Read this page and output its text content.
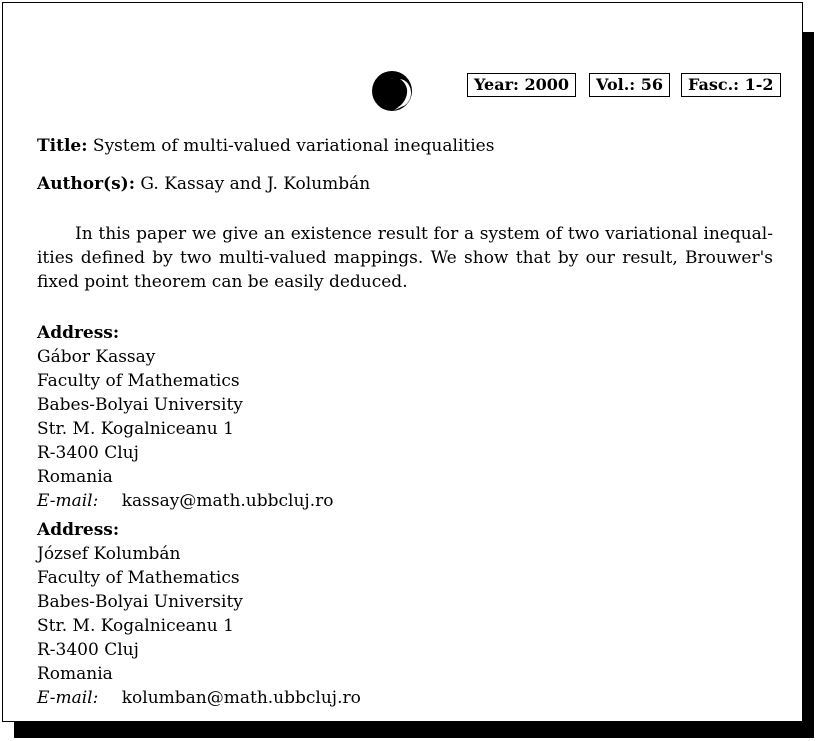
Year: 2000	Vol.: 56	Fasc.: 1-2
Title: System of multi-valued variational inequalities
Author(s): G. Kassay and J. Kolumbán
In this paper we give an existence result for a system of two variational inequalities defined by two multi-valued mappings. We show that by our result, Brouwer's fixed point theorem can be easily deduced.
Address:
Gábor Kassay
Faculty of Mathematics
Babes-Bolyai University
Str. M. Kogalniceanu 1
R-3400 Cluj
Romania
E-mail: kassay@math.ubbcluj.ro
Address:
József Kolumbán
Faculty of Mathematics
Babes-Bolyai University
Str. M. Kogalniceanu 1
R-3400 Cluj
Romania
E-mail: kolumban@math.ubbcluj.ro
